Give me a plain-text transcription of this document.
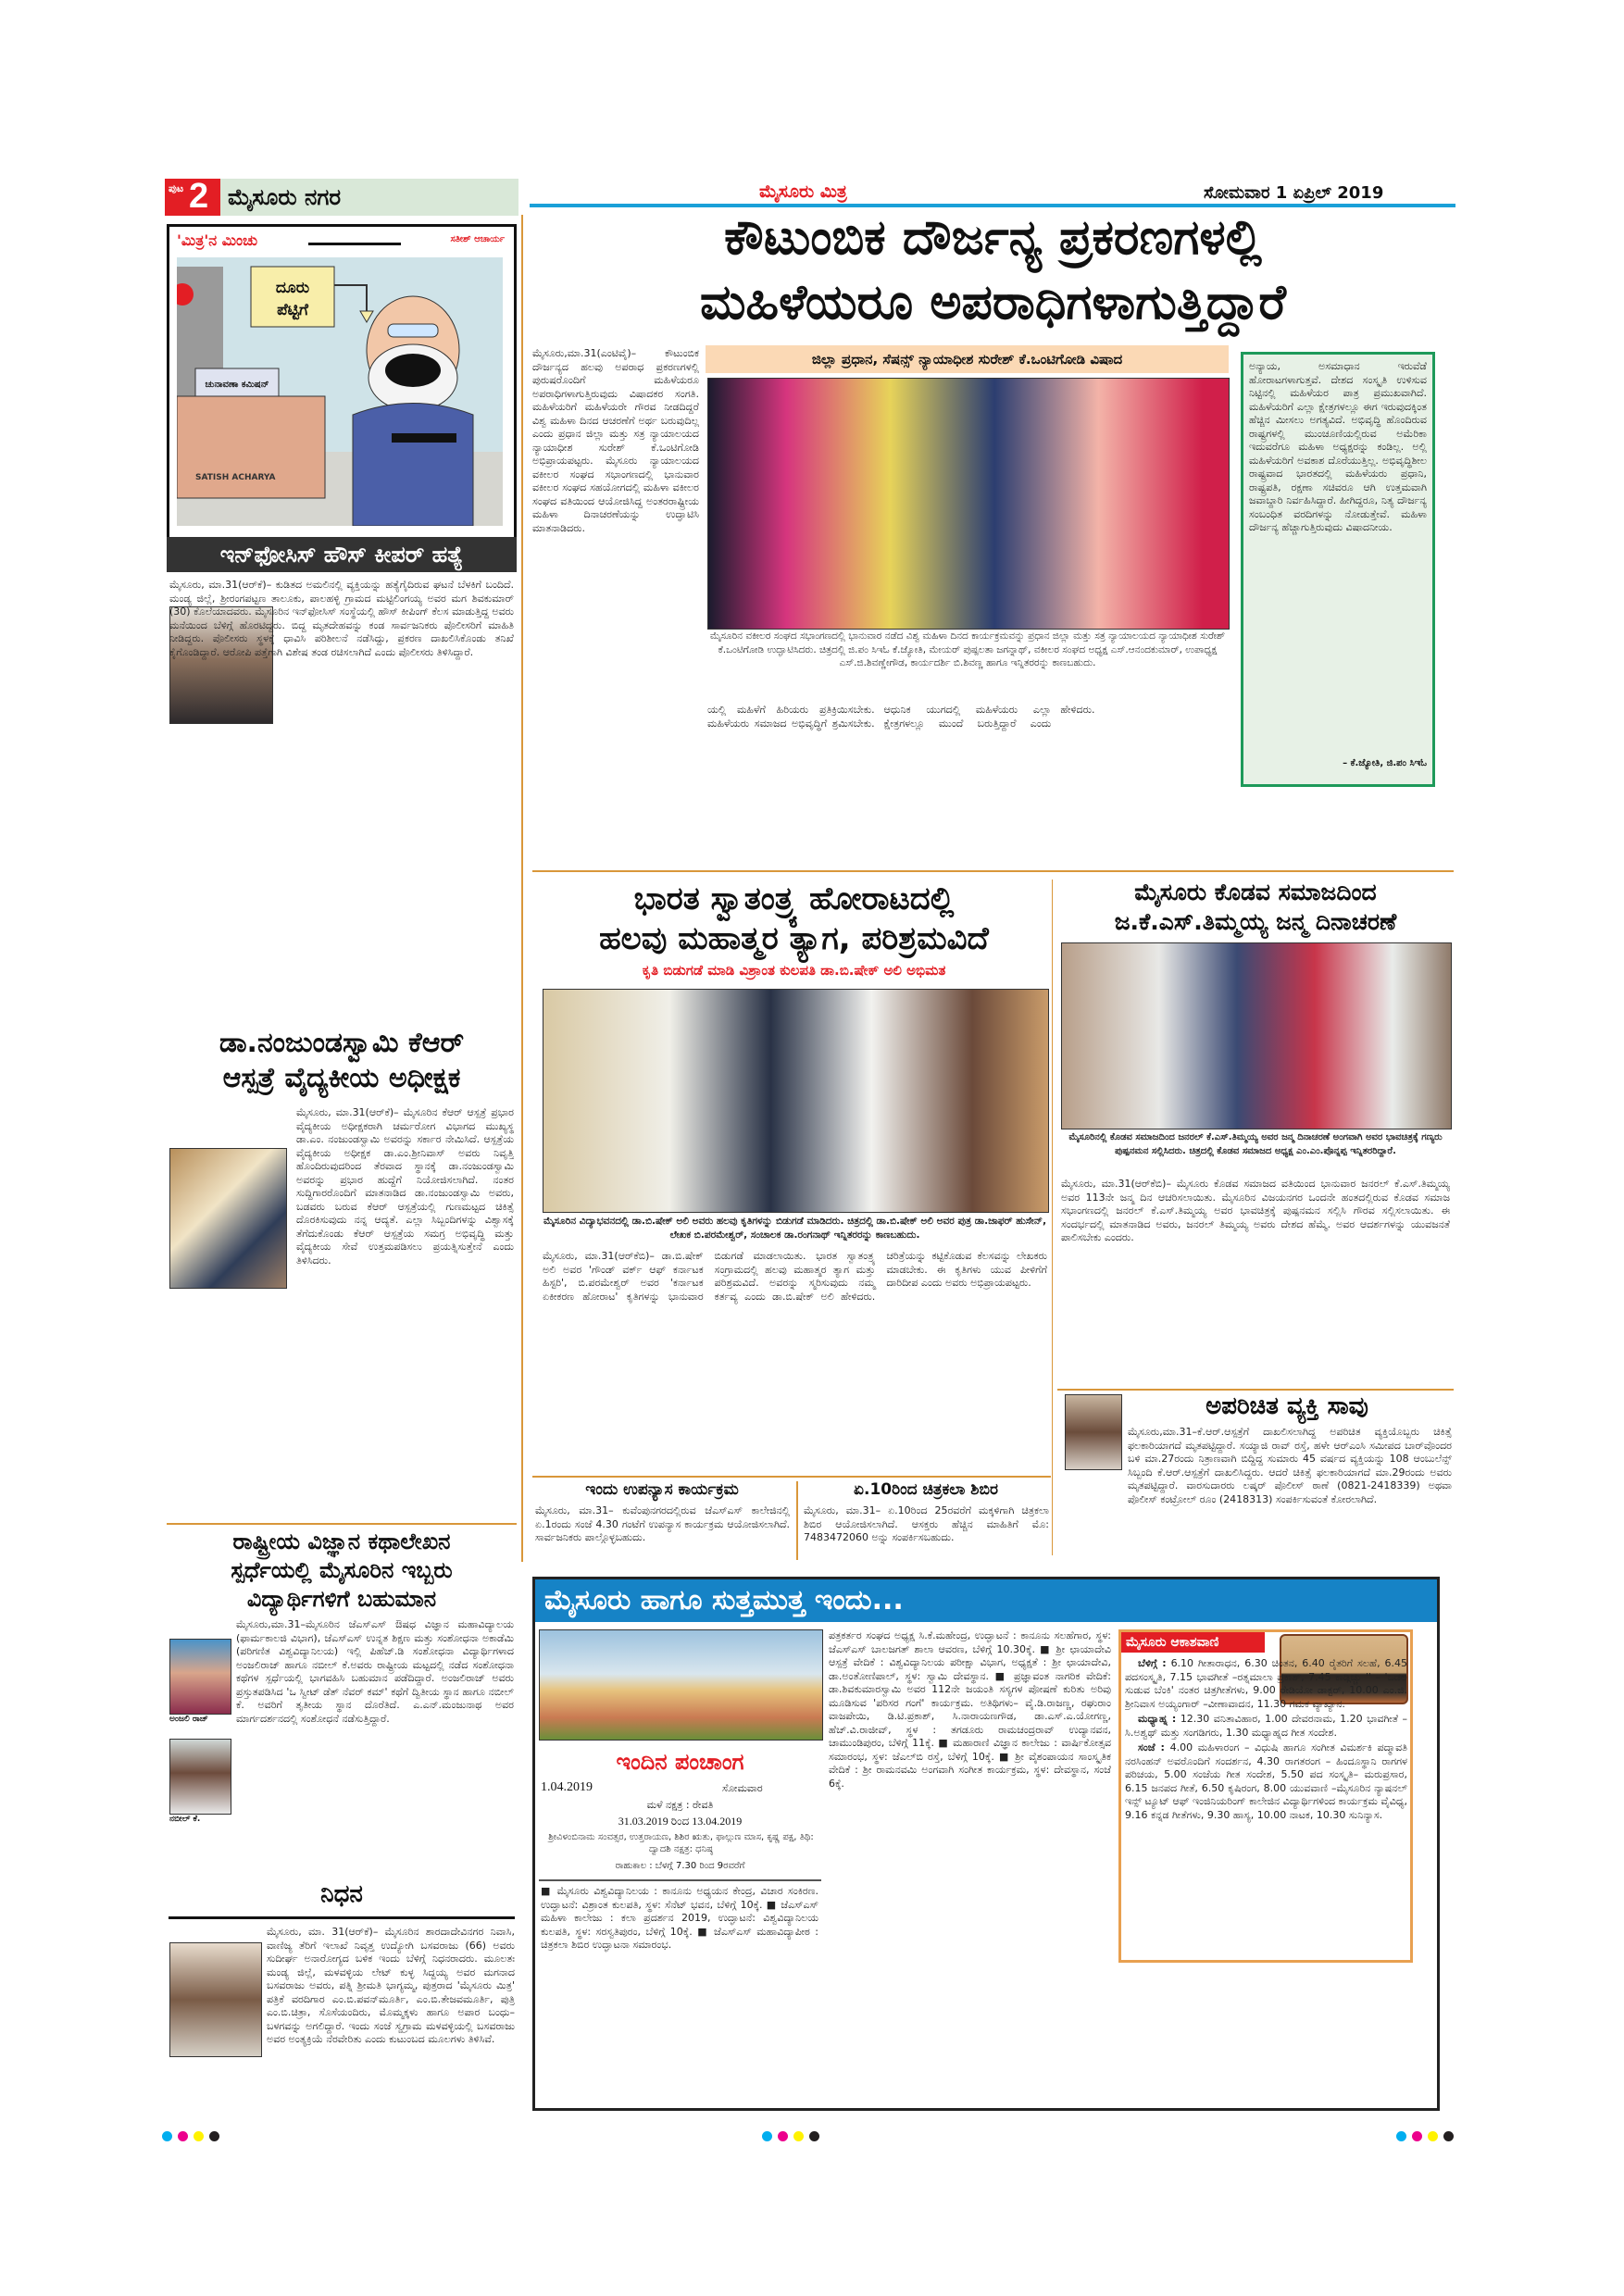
ಪುಟ 2 ಮೈಸೂರು ನಗರ	ಮೈಸೂರು ಮಿತ್ರ	ಸೋಮವಾರ 1 ಏಪ್ರಿಲ್ 2019
'ಮಿತ್ರ'ನ ಮಿಂಚು	ಸತೀಶ್ ಆಚಾರ್ಯ
ಚುನಾವಣಾ ಕಮಿಷನ್
ದೂರು
ಪೆಟ್ಟಿಗೆ
SATISH ACHARYA
ಇನ್‌ಫೋಸಿಸ್ ಹೌಸ್ ಕೀಪರ್ ಹತ್ಯೆ
ಮೈಸೂರು, ಮಾ.31(ಆರ್‌ಕೆ)– ಕುಡಿತದ ಅಮಲಿನಲ್ಲಿ ವ್ಯಕ್ತಿಯನ್ನು ಹತ್ಯೆಗೈದಿರುವ ಘಟನೆ ಬೆಳಕಿಗೆ ಬಂದಿದೆ. ಮಂಡ್ಯ ಜಿಲ್ಲೆ, ಶ್ರೀರಂಗಪಟ್ಟಣ ತಾಲೂಕು, ಪಾಲಹಳ್ಳಿ ಗ್ರಾಮದ ಮಟ್ಟಿಲಿಂಗಯ್ಯ ಅವರ ಮಗ ಶಿವಕುಮಾರ್ (30) ಕೊಲೆಯಾದವರು. ಮೈಸೂರಿನ ಇನ್‌ಫೋಸಿಸ್ ಸಂಸ್ಥೆಯಲ್ಲಿ ಹೌಸ್ ಕೀಪಿಂಗ್ ಕೆಲಸ ಮಾಡುತ್ತಿದ್ದ ಅವರು ಮನೆಯಿಂದ ಬೆಳಿಗ್ಗೆ ಹೊರಟಿದ್ದರು. ಬಿದ್ದ ಮೃತದೇಹವನ್ನು ಕಂಡ ಸಾರ್ವಜನಿಕರು ಪೊಲೀಸರಿಗೆ ಮಾಹಿತಿ ನೀಡಿದ್ದರು. ಪೊಲೀಸರು ಸ್ಥಳಕ್ಕೆ ಧಾವಿಸಿ ಪರಿಶೀಲನೆ ನಡೆಸಿದ್ದು, ಪ್ರಕರಣ ದಾಖಲಿಸಿಕೊಂಡು ತನಿಖೆ ಕೈಗೊಂಡಿದ್ದಾರೆ. ಆರೋಪಿ ಪತ್ತೆಗಾಗಿ ವಿಶೇಷ ತಂಡ ರಚಿಸಲಾಗಿದೆ ಎಂದು ಪೊಲೀಸರು ತಿಳಿಸಿದ್ದಾರೆ.
ಡಾ.ನಂಜುಂಡಸ್ವಾಮಿ ಕೆಆರ್
ಆಸ್ಪತ್ರೆ ವೈದ್ಯಕೀಯ ಅಧೀಕ್ಷಕ
ಮೈಸೂರು, ಮಾ.31(ಆರ್‌ಕೆ)– ಮೈಸೂರಿನ ಕೆಆರ್ ಆಸ್ಪತ್ರೆ ಪ್ರಭಾರ ವೈದ್ಯಕೀಯ ಅಧೀಕ್ಷಕರಾಗಿ ಚರ್ಮರೋಗ ವಿಭಾಗದ ಮುಖ್ಯಸ್ಥ ಡಾ.ಎಂ. ನಂಜುಂಡಸ್ವಾಮಿ ಅವರನ್ನು ಸರ್ಕಾರ ನೇಮಿಸಿದೆ. ಆಸ್ಪತ್ರೆಯ ವೈದ್ಯಕೀಯ ಅಧೀಕ್ಷಕ ಡಾ.ಎಂ.ಶ್ರೀನಿವಾಸ್ ಅವರು ನಿವೃತ್ತಿ ಹೊಂದಿರುವುದರಿಂದ ತೆರವಾದ ಸ್ಥಾನಕ್ಕೆ ಡಾ.ನಂಜುಂಡಸ್ವಾಮಿ ಅವರನ್ನು ಪ್ರಭಾರ ಹುದ್ದೆಗೆ ನಿಯೋಜಿಸಲಾಗಿದೆ. ನಂತರ ಸುದ್ದಿಗಾರರೊಂದಿಗೆ ಮಾತನಾಡಿದ ಡಾ.ನಂಜುಂಡಸ್ವಾಮಿ ಅವರು, ಬಡವರು ಬರುವ ಕೆಆರ್ ಆಸ್ಪತ್ರೆಯಲ್ಲಿ ಗುಣಮಟ್ಟದ ಚಿಕಿತ್ಸೆ ದೊರಕಿಸುವುದು ನನ್ನ ಆದ್ಯತೆ. ಎಲ್ಲಾ ಸಿಬ್ಬಂದಿಗಳನ್ನು ವಿಶ್ವಾಸಕ್ಕೆ ತೆಗೆದುಕೊಂಡು ಕೆಆರ್ ಆಸ್ಪತ್ರೆಯ ಸಮಗ್ರ ಅಭಿವೃದ್ಧಿ ಮತ್ತು ವೈದ್ಯಕೀಯ ಸೇವೆ ಉತ್ತಮಪಡಿಸಲು ಪ್ರಯತ್ನಿಸುತ್ತೇನೆ ಎಂದು ತಿಳಿಸಿದರು.
ರಾಷ್ಟ್ರೀಯ ವಿಜ್ಞಾನ ಕಥಾಲೇಖನ
ಸ್ಪರ್ಧೆಯಲ್ಲಿ ಮೈಸೂರಿನ ಇಬ್ಬರು
ವಿದ್ಯಾರ್ಥಿಗಳಿಗೆ ಬಹುಮಾನ
ಅಂಜಲಿ ರಾಜ್
ನಬೀಲ್ ಕೆ.
ಮೈಸೂರು,ಮಾ.31–ಮೈಸೂರಿನ ಜೆಎಸ್‌ಎಸ್ ಔಷಧ ವಿಜ್ಞಾನ ಮಹಾವಿದ್ಯಾಲಯ (ಫಾರ್ಮಕಾಲಜಿ ವಿಭಾಗ), ಜೆಎಸ್‌ಎಸ್ ಉನ್ನತ ಶಿಕ್ಷಣ ಮತ್ತು ಸಂಶೋಧನಾ ಅಕಾಡೆಮಿ (ಪರಿಗಣಿತ ವಿಶ್ವವಿದ್ಯಾನಿಲಯ) ಇಲ್ಲಿ ಪಿಹೆಚ್.ಡಿ ಸಂಶೋಧನಾ ವಿದ್ಯಾರ್ಥಿಗಳಾದ ಅಂಜಲಿರಾಜ್ ಹಾಗೂ ನಬೀಲ್ ಕೆ.ಅವರು ರಾಷ್ಟ್ರೀಯ ಮಟ್ಟದಲ್ಲಿ ನಡೆದ ಸಂಶೋಧನಾ ಕಥೆಗಳ ಸ್ಪರ್ಧೆಯಲ್ಲಿ ಭಾಗವಹಿಸಿ ಬಹುಮಾನ ಪಡೆದಿದ್ದಾರೆ. ಅಂಜಲಿರಾಜ್ ಅವರು ಪ್ರಸ್ತುತಪಡಿಸಿದ 'ಒ ಸ್ವೀಟ್ ಡೆತ್ ನೆವರ್ ಕಮ್' ಕಥೆಗೆ ದ್ವಿತೀಯ ಸ್ಥಾನ ಹಾಗೂ ನಬೀಲ್ ಕೆ. ಅವರಿಗೆ ತೃತೀಯ ಸ್ಥಾನ ದೊರೆತಿದೆ. ಎ.ಎನ್.ಮಂಜುನಾಥ ಅವರ ಮಾರ್ಗದರ್ಶನದಲ್ಲಿ ಸಂಶೋಧನೆ ನಡೆಸುತ್ತಿದ್ದಾರೆ.
ನಿಧನ
ಮೈಸೂರು, ಮಾ. 31(ಆರ್‌ಕೆ)– ಮೈಸೂರಿನ ಶಾರದಾದೇವಿನಗರ ನಿವಾಸಿ, ವಾಣಿಜ್ಯ ತೆರಿಗೆ ಇಲಾಖೆ ನಿವೃತ್ತ ಉದ್ಯೋಗಿ ಬಸವರಾಜು (66) ಅವರು ಸುದೀರ್ಘ ಅನಾರೋಗ್ಯದ ಬಳಿಕ ಇಂದು ಬೆಳಿಗ್ಗೆ ನಿಧನರಾದರು. ಮೂಲತಃ ಮಂಡ್ಯ ಜಿಲ್ಲೆ, ಮಳವಳ್ಳಿಯ ಲೇಟ್ ಕುಳ್ಳ ಸಿದ್ದಯ್ಯ ಅವರ ಮಗನಾದ ಬಸವರಾಜು ಅವರು, ಪತ್ನಿ ಶ್ರೀಮತಿ ಭಾಗ್ಯಮ್ಮ, ಪುತ್ರರಾದ 'ಮೈಸೂರು ಮಿತ್ರ' ಪತ್ರಿಕೆ ವರದಿಗಾರ ಎಂ.ಬಿ.ಪವನ್‌ಮೂರ್ತಿ, ಎಂ.ಬಿ.ತೇಜವಮೂರ್ತಿ, ಪುತ್ರಿ ಎಂ.ಬಿ.ಚಿತ್ರಾ, ಸೊಸೆಯಂದಿರು, ಮೊಮ್ಮಕ್ಕಳು ಹಾಗೂ ಅಪಾರ ಬಂಧು–ಬಳಗವನ್ನು ಅಗಲಿದ್ದಾರೆ. ಇಂದು ಸಂಜೆ ಸ್ವಗ್ರಾಮ ಮಳವಳ್ಳಿಯಲ್ಲಿ ಬಸವರಾಜು ಅವರ ಅಂತ್ಯಕ್ರಿಯೆ ನೆರವೇರಿತು ಎಂದು ಕುಟುಂಬದ ಮೂಲಗಳು ತಿಳಿಸಿವೆ.
ಕೌಟುಂಬಿಕ ದೌರ್ಜನ್ಯ ಪ್ರಕರಣಗಳಲ್ಲಿ
ಮಹಿಳೆಯರೂ ಅಪರಾಧಿಗಳಾಗುತ್ತಿದ್ದಾರೆ
ಮೈಸೂರು,ಮಾ.31(ಎಂಟಿವೈ)– ಕೌಟುಂಬಿಕ ದೌರ್ಜನ್ಯದ ಹಲವು ಅಪರಾಧ ಪ್ರಕರಣಗಳಲ್ಲಿ ಪುರುಷರೊಂದಿಗೆ ಮಹಿಳೆಯರೂ ಅಪರಾಧಿಗಳಾಗುತ್ತಿರುವುದು ವಿಷಾದಕರ ಸಂಗತಿ. ಮಹಿಳೆಯರಿಗೆ ಮಹಿಳೆಯರೇ ಗೌರವ ನೀಡದಿದ್ದರೆ ವಿಶ್ವ ಮಹಿಳಾ ದಿನದ ಆಚರಣೆಗೆ ಅರ್ಥ ಬರುವುದಿಲ್ಲ ಎಂದು ಪ್ರಧಾನ ಜಿಲ್ಲಾ ಮತ್ತು ಸತ್ರ ನ್ಯಾಯಾಲಯದ ನ್ಯಾಯಾಧೀಶ ಸುರೇಶ್ ಕೆ.ಒಂಟಿಗೋಡಿ ಅಭಿಪ್ರಾಯಪಟ್ಟರು. ಮೈಸೂರು ನ್ಯಾಯಾಲಯದ ವಕೀಲರ ಸಂಘದ ಸಭಾಂಗಣದಲ್ಲಿ ಭಾನುವಾರ ವಕೀಲರ ಸಂಘದ ಸಹಯೋಗದಲ್ಲಿ ಮಹಿಳಾ ವಕೀಲರ ಸಂಘದ ವತಿಯಿಂದ ಆಯೋಜಿಸಿದ್ದ ಅಂತರರಾಷ್ಟ್ರೀಯ ಮಹಿಳಾ ದಿನಾಚರಣೆಯನ್ನು ಉದ್ಘಾಟಿಸಿ ಮಾತನಾಡಿದರು.
ಜಿಲ್ಲಾ ಪ್ರಧಾನ, ಸೆಷನ್ಸ್ ನ್ಯಾಯಾಧೀಶ ಸುರೇಶ್ ಕೆ.ಒಂಟಿಗೋಡಿ ವಿಷಾದ
ಮೈಸೂರಿನ ವಕೀಲರ ಸಂಘದ ಸಭಾಂಗಣದಲ್ಲಿ ಭಾನುವಾರ ನಡೆದ ವಿಶ್ವ ಮಹಿಳಾ ದಿನದ ಕಾರ್ಯಕ್ರಮವನ್ನು ಪ್ರಧಾನ ಜಿಲ್ಲಾ ಮತ್ತು ಸತ್ರ ನ್ಯಾಯಾಲಯದ ನ್ಯಾಯಾಧೀಶ ಸುರೇಶ್ ಕೆ.ಒಂಟಿಗೋಡಿ ಉದ್ಘಾಟಿಸಿದರು. ಚಿತ್ರದಲ್ಲಿ ಜಿ.ಪಂ ಸಿಇಓ ಕೆ.ಜ್ಯೋತಿ, ಮೇಯರ್ ಪುಷ್ಪಲತಾ ಜಗನ್ನಾಥ್, ವಕೀಲರ ಸಂಘದ ಅಧ್ಯಕ್ಷ ಎಸ್.ಆನಂದಕುಮಾರ್, ಉಪಾಧ್ಯಕ್ಷ ಎಸ್.ಜಿ.ಶಿವಣ್ಣೇಗೌಡ, ಕಾರ್ಯದರ್ಶಿ ಬಿ.ಶಿವಣ್ಣ ಹಾಗೂ ಇನ್ನಿತರರನ್ನು ಕಾಣಬಹುದು.
ಯಲ್ಲಿ ಮಹಿಳೆಗೆ ಹಿರಿಯರು ಪ್ರತಿಕ್ರಿಯಿಸಬೇಕು. ಮಹಿಳೆಯರು ಸಮಾಜದ ಅಭಿವೃದ್ಧಿಗೆ ಶ್ರಮಿಸಬೇಕು. ಆಧುನಿಕ ಯುಗದಲ್ಲಿ ಮಹಿಳೆಯರು ಎಲ್ಲಾ ಕ್ಷೇತ್ರಗಳಲ್ಲೂ ಮುಂದೆ ಬರುತ್ತಿದ್ದಾರೆ ಎಂದು ಹೇಳಿದರು.
ಅನ್ಯಾಯ, ಅಸಮಾಧಾನ ಇರುವೆಡೆ ಹೋರಾಟಗಳಾಗುತ್ತವೆ. ದೇಶದ ಸಂಸ್ಕೃತಿ ಉಳಿಸುವ ನಿಟ್ಟಿನಲ್ಲಿ ಮಹಿಳೆಯರ ಪಾತ್ರ ಪ್ರಮುಖವಾಗಿದೆ. ಮಹಿಳೆಯರಿಗೆ ಎಲ್ಲಾ ಕ್ಷೇತ್ರಗಳಲ್ಲೂ ಈಗ ಇರುವುದಕ್ಕಿಂತ ಹೆಚ್ಚಿನ ಮೀಸಲು ಅಗತ್ಯವಿದೆ. ಅಭಿವೃದ್ಧಿ ಹೊಂದಿರುವ ರಾಷ್ಟ್ರಗಳಲ್ಲಿ ಮುಂಚೂಣಿಯಲ್ಲಿರುವ ಅಮೆರಿಕಾ ಇದುವರೆಗೂ ಮಹಿಳಾ ಅಧ್ಯಕ್ಷರನ್ನು ಕಂಡಿಲ್ಲ. ಅಲ್ಲಿ ಮಹಿಳೆಯರಿಗೆ ಅವಕಾಶ ದೊರೆಯುತ್ತಿಲ್ಲ. ಅಭಿವೃದ್ಧಿಶೀಲ ರಾಷ್ಟ್ರವಾದ ಭಾರತದಲ್ಲಿ ಮಹಿಳೆಯರು ಪ್ರಧಾನಿ, ರಾಷ್ಟ್ರಪತಿ, ರಕ್ಷಣಾ ಸಚಿವರೂ ಆಗಿ ಉತ್ತಮವಾಗಿ ಜವಾಬ್ದಾರಿ ನಿರ್ವಹಿಸಿದ್ದಾರೆ. ಹೀಗಿದ್ದರೂ, ನಿತ್ಯ ದೌರ್ಜನ್ಯ ಸಂಬಂಧಿತ ವರದಿಗಳನ್ನು ನೋಡುತ್ತೇವೆ. ಮಹಿಳಾ ದೌರ್ಜನ್ಯ ಹೆಚ್ಚಾಗುತ್ತಿರುವುದು ವಿಷಾದನೀಯ.
– ಕೆ.ಜ್ಯೋತಿ, ಜಿ.ಪಂ ಸಿಇಓ
ಭಾರತ ಸ್ವಾತಂತ್ರ್ಯ ಹೋರಾಟದಲ್ಲಿ
ಹಲವು ಮಹಾತ್ಮರ ತ್ಯಾಗ, ಪರಿಶ್ರಮವಿದೆ
ಕೃತಿ ಬಿಡುಗಡೆ ಮಾಡಿ ವಿಶ್ರಾಂತ ಕುಲಪತಿ ಡಾ.ಬಿ.ಷೇಕ್ ಅಲಿ ಅಭಿಮತ
ಮೈಸೂರಿನ ವಿದ್ಯಾಭವನದಲ್ಲಿ ಡಾ.ಬಿ.ಷೇಕ್ ಅಲಿ ಅವರು ಹಲವು ಕೃತಿಗಳನ್ನು ಬಿಡುಗಡೆ ಮಾಡಿದರು. ಚಿತ್ರದಲ್ಲಿ ಡಾ.ಬಿ.ಷೇಕ್ ಅಲಿ ಅವರ ಪುತ್ರ ಡಾ.ಜಾಫರ್ ಹುಸೇನ್, ಲೇಖಕ ಬಿ.ಪರಮೇಶ್ವರ್, ಸಂಚಾಲಕ ಡಾ.ರಂಗನಾಥ್ ಇನ್ನಿತರರನ್ನು ಕಾಣಬಹುದು.
ಮೈಸೂರು, ಮಾ.31(ಆರ್‌ಕೆಬಿ)– ಡಾ.ಬಿ.ಷೇಕ್ ಅಲಿ ಅವರ 'ಗೌಂಡ್ ವರ್ಕ್ ಆಫ್ ಕರ್ನಾಟಕ ಹಿಸ್ಟರಿ', ಬಿ.ಪರಮೇಶ್ವರ್ ಅವರ 'ಕರ್ನಾಟಕ ಏಕೀಕರಣ ಹೋರಾಟ' ಕೃತಿಗಳನ್ನು ಭಾನುವಾರ ಬಿಡುಗಡೆ ಮಾಡಲಾಯಿತು. ಭಾರತ ಸ್ವಾತಂತ್ರ್ಯ ಸಂಗ್ರಾಮದಲ್ಲಿ ಹಲವು ಮಹಾತ್ಮರ ತ್ಯಾಗ ಮತ್ತು ಪರಿಶ್ರಮವಿದೆ. ಅವರನ್ನು ಸ್ಮರಿಸುವುದು ನಮ್ಮ ಕರ್ತವ್ಯ ಎಂದು ಡಾ.ಬಿ.ಷೇಕ್ ಅಲಿ ಹೇಳಿದರು. ಚರಿತ್ರೆಯನ್ನು ಕಟ್ಟಿಕೊಡುವ ಕೆಲಸವನ್ನು ಲೇಖಕರು ಮಾಡಬೇಕು. ಈ ಕೃತಿಗಳು ಯುವ ಪೀಳಿಗೆಗೆ ದಾರಿದೀಪ ಎಂದು ಅವರು ಅಭಿಪ್ರಾಯಪಟ್ಟರು.
ಮೈಸೂರು ಕೊಡವ ಸಮಾಜದಿಂದ
ಜ.ಕೆ.ಎಸ್.ತಿಮ್ಮಯ್ಯ ಜನ್ಮ ದಿನಾಚರಣೆ
ಮೈಸೂರಿನಲ್ಲಿ ಕೊಡವ ಸಮಾಜದಿಂದ ಜನರಲ್ ಕೆ.ಎಸ್.ತಿಮ್ಮಯ್ಯ ಅವರ ಜನ್ಮ ದಿನಾಚರಣೆ ಅಂಗವಾಗಿ ಅವರ ಭಾವಚಿತ್ರಕ್ಕೆ ಗಣ್ಯರು ಪುಷ್ಪನಮನ ಸಲ್ಲಿಸಿದರು. ಚಿತ್ರದಲ್ಲಿ ಕೊಡವ ಸಮಾಜದ ಅಧ್ಯಕ್ಷ ಎಂ.ಎಂ.ಪೊನ್ನಪ್ಪ ಇನ್ನಿತರರಿದ್ದಾರೆ.
ಮೈಸೂರು, ಮಾ.31(ಆರ್‌ಕೆಬಿ)– ಮೈಸೂರು ಕೊಡವ ಸಮಾಜದ ವತಿಯಿಂದ ಭಾನುವಾರ ಜನರಲ್ ಕೆ.ಎಸ್.ತಿಮ್ಮಯ್ಯ ಅವರ 113ನೇ ಜನ್ಮ ದಿನ ಆಚರಿಸಲಾಯಿತು. ಮೈಸೂರಿನ ವಿಜಯನಗರ ಒಂದನೇ ಹಂತದಲ್ಲಿರುವ ಕೊಡವ ಸಮಾಜ ಸಭಾಂಗಣದಲ್ಲಿ ಜನರಲ್ ಕೆ.ಎಸ್.ತಿಮ್ಮಯ್ಯ ಅವರ ಭಾವಚಿತ್ರಕ್ಕೆ ಪುಷ್ಪನಮನ ಸಲ್ಲಿಸಿ ಗೌರವ ಸಲ್ಲಿಸಲಾಯಿತು. ಈ ಸಂದರ್ಭದಲ್ಲಿ ಮಾತನಾಡಿದ ಅವರು, ಜನರಲ್ ತಿಮ್ಮಯ್ಯ ಅವರು ದೇಶದ ಹೆಮ್ಮೆ. ಅವರ ಆದರ್ಶಗಳನ್ನು ಯುವಜನತೆ ಪಾಲಿಸಬೇಕು ಎಂದರು.
ಅಪರಿಚಿತ ವ್ಯಕ್ತಿ ಸಾವು
ಮೈಸೂರು,ಮಾ.31–ಕೆ.ಆರ್.ಆಸ್ಪತ್ರೆಗೆ ದಾಖಲಿಸಲಾಗಿದ್ದ ಅಪರಿಚಿತ ವ್ಯಕ್ತಿಯೊಬ್ಬರು ಚಿಕಿತ್ಸೆ ಫಲಕಾರಿಯಾಗದೆ ಮೃತಪಟ್ಟಿದ್ದಾರೆ. ಸಯ್ಯಾಜಿ ರಾವ್ ರಸ್ತೆ, ಹಳೇ ಆರ್‌ಎಂಸಿ ಸಮೀಪದ ಬಾರ್‌ವೊಂದರ ಬಳಿ ಮಾ.27ರಂದು ನಿತ್ರಾಣವಾಗಿ ಬಿದ್ದಿದ್ದ ಸುಮಾರು 45 ವರ್ಷದ ವ್ಯಕ್ತಿಯನ್ನು 108 ಆಂಬುಲೆನ್ಸ್ ಸಿಬ್ಬಂದಿ ಕೆ.ಆರ್.ಆಸ್ಪತ್ರೆಗೆ ದಾಖಲಿಸಿದ್ದರು. ಆದರೆ ಚಿಕಿತ್ಸೆ ಫಲಕಾರಿಯಾಗದೆ ಮಾ.29ರಂದು ಅವರು ಮೃತಪಟ್ಟಿದ್ದಾರೆ. ವಾರಸುದಾರರು ಲಷ್ಕರ್ ಪೊಲೀಸ್ ಠಾಣೆ (0821-2418339) ಅಥವಾ ಪೊಲೀಸ್ ಕಂಟ್ರೋಲ್ ರೂಂ (2418313) ಸಂಪರ್ಕಿಸುವಂತೆ ಕೋರಲಾಗಿದೆ.
ಇಂದು ಉಪನ್ಯಾಸ ಕಾರ್ಯಕ್ರಮ
ಮೈಸೂರು, ಮಾ.31– ಕುವೆಂಪುನಗರದಲ್ಲಿರುವ ಜೆಎಸ್‌ಎಸ್ ಕಾಲೇಜಿನಲ್ಲಿ ಏ.1ರಂದು ಸಂಜೆ 4.30 ಗಂಟೆಗೆ ಉಪನ್ಯಾಸ ಕಾರ್ಯಕ್ರಮ ಆಯೋಜಿಸಲಾಗಿದೆ. ಸಾರ್ವಜನಿಕರು ಪಾಲ್ಗೊಳ್ಳಬಹುದು.
ಏ.10ರಿಂದ ಚಿತ್ರಕಲಾ ಶಿಬಿರ
ಮೈಸೂರು, ಮಾ.31– ಏ.10ರಿಂದ 25ರವರೆಗೆ ಮಕ್ಕಳಿಗಾಗಿ ಚಿತ್ರಕಲಾ ಶಿಬಿರ ಆಯೋಜಿಸಲಾಗಿದೆ. ಆಸಕ್ತರು ಹೆಚ್ಚಿನ ಮಾಹಿತಿಗೆ ಮೊ: 7483472060 ಅನ್ನು ಸಂಪರ್ಕಿಸಬಹುದು.
ಮೈಸೂರು ಹಾಗೂ ಸುತ್ತಮುತ್ತ ಇಂದು...
ಇಂದಿನ ಪಂಚಾಂಗ
1.04.2019	ಸೋಮವಾರ
ಮಳೆ ನಕ್ಷತ್ರ : ರೇವತಿ
31.03.2019 ರಿಂದ 13.04.2019
ಶ್ರೀವಿಳಂಬಿನಾಮ ಸಂವತ್ಸರ, ಉತ್ತರಾಯಣ, ಶಿಶಿರ ಋತು, ಫಾಲ್ಗುಣ ಮಾಸ, ಕೃಷ್ಣ ಪಕ್ಷ, ತಿಥಿ: ದ್ವಾದಶಿ ನಕ್ಷತ್ರ: ಧನಿಷ್ಠ
ರಾಹುಕಾಲ : ಬೆಳಗ್ಗೆ 7.30 ರಿಂದ 9ರವರೆಗೆ
■ ಮೈಸೂರು ವಿಶ್ವವಿದ್ಯಾನಿಲಯ : ಕಾನೂನು ಅಧ್ಯಯನ ಕೇಂದ್ರ, ವಿಚಾರ ಸಂಕಿರಣ. ಉದ್ಘಾಟನೆ: ವಿಶ್ರಾಂತ ಕುಲಪತಿ, ಸ್ಥಳ: ಸೆನೆಟ್ ಭವನ, ಬೆಳಿಗ್ಗೆ 10ಕ್ಕೆ. ■ ಜೆಎಸ್‌ಎಸ್ ಮಹಿಳಾ ಕಾಲೇಜು : ಕಲಾ ಪ್ರದರ್ಶನ 2019, ಉದ್ಘಾಟನೆ: ವಿಶ್ವವಿದ್ಯಾನಿಲಯ ಕುಲಪತಿ, ಸ್ಥಳ: ಸರಸ್ವತಿಪುರಂ, ಬೆಳಿಗ್ಗೆ 10ಕ್ಕೆ. ■ ಜೆಎಸ್‌ಎಸ್ ಮಹಾವಿದ್ಯಾಪೀಠ : ಚಿತ್ರಕಲಾ ಶಿಬಿರ ಉದ್ಘಾಟನಾ ಸಮಾರಂಭ.
ಪತ್ರಕರ್ತರ ಸಂಘದ ಅಧ್ಯಕ್ಷ ಸಿ.ಕೆ.ಮಹೇಂದ್ರ, ಉದ್ಘಾಟನೆ : ಕಾನೂನು ಸಲಹೆಗಾರ, ಸ್ಥಳ: ಜೆಎಸ್‌ಎಸ್ ಬಾಲಜಗತ್ ಶಾಲಾ ಆವರಣ, ಬೆಳಿಗ್ಗೆ 10.30ಕ್ಕೆ. ■ ಶ್ರೀ ಛಾಯಾದೇವಿ ಆಸ್ಪತ್ರೆ ವೇದಿಕೆ : ವಿಶ್ವವಿದ್ಯಾನಿಲಯ ಪರೀಕ್ಷಾ ವಿಭಾಗ, ಅಧ್ಯಕ್ಷತೆ : ಶ್ರೀ ಛಾಯಾದೇವಿ, ಡಾ.ಅಂತೋಣಿಪಾಲ್, ಸ್ಥಳ: ಸ್ವಾಮಿ ದೇವಸ್ಥಾನ. ■ ಪ್ರಜ್ಞಾವಂತ ನಾಗರಿಕ ವೇದಿಕೆ: ಡಾ.ಶಿವಕುಮಾರಸ್ವಾಮಿ ಅವರ 112ನೇ ಜಯಂತಿ ಸಸ್ಯಗಳ ಪೋಷಣೆ ಕುರಿತು ಅರಿವು ಮೂಡಿಸುವ 'ಪರಿಸರ ಗಂಗೆ' ಕಾರ್ಯಕ್ರಮ. ಅತಿಥಿಗಳು– ವೈ.ಡಿ.ರಾಜಣ್ಣ, ರಘುರಾಂ ವಾಜಪೇಯಿ, ಡಿ.ಟಿ.ಪ್ರಕಾಶ್, ಸಿ.ನಾರಾಯಣಗೌಡ, ಡಾ.ಎಸ್.ಎ.ಯೋಗಣ್ಣ, ಹೆಚ್.ವಿ.ರಾಜೀವ್, ಸ್ಥಳ : ತಗಡೂರು ರಾಮಚಂದ್ರರಾವ್ ಉದ್ಯಾನವನ, ಚಾಮುಂಡಿಪುರಂ, ಬೆಳಿಗ್ಗೆ 11ಕ್ಕೆ. ■ ಮಹಾರಾಣಿ ವಿಜ್ಞಾನ ಕಾಲೇಜು : ವಾರ್ಷಿಕೋತ್ಸವ ಸಮಾರಂಭ, ಸ್ಥಳ: ಜೆಎಲ್‌ಬಿ ರಸ್ತೆ, ಬೆಳಿಗ್ಗೆ 10ಕ್ಕೆ. ■ ಶ್ರೀ ವೈಶಂಪಾಯನ ಸಾಂಸ್ಕೃತಿಕ ವೇದಿಕೆ : ಶ್ರೀ ರಾಮನವಮಿ ಅಂಗವಾಗಿ ಸಂಗೀತ ಕಾರ್ಯಕ್ರಮ, ಸ್ಥಳ: ದೇವಸ್ಥಾನ, ಸಂಜೆ 6ಕ್ಕೆ.
ಮೈಸೂರು ಆಕಾಶವಾಣಿ

ಬೆಳಿಗ್ಗೆ : 6.10 ಗೀತಾರಾಧನ, 6.30 ಚಿಂತನ, 6.40 ರೈತರಿಗೆ ಸಲಹೆ, 6.45 ಪದಸಂಸ್ಕೃತಿ, 7.15 ಭಾವಗೀತೆ –ರತ್ನಮಾಲಾ ಪ್ರಕಾಶ್, 7.45 ಕಾಡ್ಗಿಚ್ಚು '' – 'ಒಡಲ ಸುಡುವ ಬೆಂಕಿ' ನಂತರ ಚಿತ್ರಗೀತೆಗಳು, 9.00 ರೇಡಿಯೋ ಡಾಕ್ಟರ್, 10.00 ಎಂ.ಜಿ. ಶ್ರೀನಿವಾಸ ಅಯ್ಯಂಗಾರ್ –ವೀಣಾವಾದನ, 11.30 ಗಮಕ ವ್ಯಾಖ್ಯಾನ.

ಮಧ್ಯಾಹ್ನ : 12.30 ವನಿತಾವಿಹಾರ, 1.00 ದೇವರನಾಮ, 1.20 ಭಾವಗೀತೆ – ಸಿ.ಅಶ್ವಥ್ ಮತ್ತು ಸಂಗಡಿಗರು, 1.30 ಮಧ್ಯಾಹ್ನದ ಗೀತ ಸಂದೇಶ.

ಸಂಜೆ : 4.00 ಮಹಿಳಾರಂಗ – ವಿಧುಷಿ ಹಾಗೂ ಸಂಗೀತ ವಿಮರ್ಶಕಿ ಪದ್ಮಾವತಿ ನರಸಿಂಹನ್ ಅವರೊಂದಿಗೆ ಸಂದರ್ಶನ, 4.30 ರಾಗತರಂಗ – ಹಿಂದೂಸ್ಥಾನಿ ರಾಗಗಳ ಪರಿಚಯ, 5.00 ಸಂಜೆಯ ಗೀತ ಸಂದೇಶ, 5.50 ಪದ ಸಂಸ್ಕೃತಿ– ಮರುಪ್ರಸಾರ, 6.15 ಜನಪದ ಗೀತೆ, 6.50 ಕೃಷಿರಂಗ, 8.00 ಯುವವಾಣಿ –ಮೈಸೂರಿನ ನ್ಯಾಷನಲ್ ಇನ್ಸ್ ಟ್ಯೂಟ್ ಆಫ್ ಇಂಜಿನಿಯರಿಂಗ್ ಕಾಲೇಜಿನ ವಿದ್ಯಾರ್ಥಿಗಳಿಂದ ಕಾರ್ಯಕ್ರಮ ವೈವಿಧ್ಯ, 9.16 ಕನ್ನಡ ಗೀತೆಗಳು, 9.30 ಹಾಸ್ಯ, 10.00 ನಾಟಕ, 10.30 ಸುನಿನ್ಯಾಸ.
